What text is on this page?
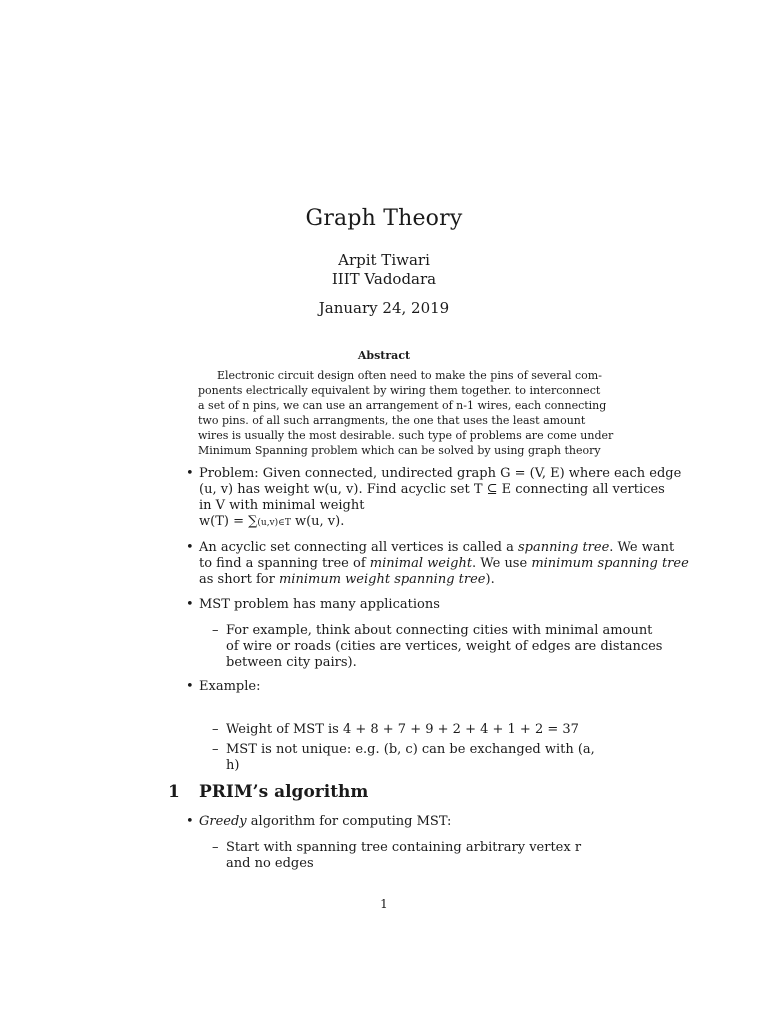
Graph Theory
Arpit Tiwari
IIIT Vadodara
January 24, 2019
Abstract
Electronic circuit design often need to make the pins of several com-
ponents electrically equivalent by wiring them together. to interconnect
a set of n pins, we can use an arrangement of n-1 wires, each connecting
two pins. of all such arrangments, the one that uses the least amount
wires is usually the most desirable. such type of problems are come under
Minimum Spanning problem which can be solved by using graph theory
• Problem: Given connected, undirected graph G = (V, E) where each edge
(u, v) has weight w(u, v). Find acyclic set T ⊆ E connecting all vertices
in V with minimal weight
w(T) = ∑(u,v)∈T w(u, v).
• An acyclic set connecting all vertices is called a spanning tree. We want
to find a spanning tree of minimal weight. We use minimum spanning tree
as short for minimum weight spanning tree).
• MST problem has many applications
– For example, think about connecting cities with minimal amount
of wire or roads (cities are vertices, weight of edges are distances
between city pairs).
• Example:
– Weight of MST is 4 + 8 + 7 + 9 + 2 + 4 + 1 + 2 = 37
– MST is not unique: e.g. (b, c) can be exchanged with (a, h)
1 PRIM’s algorithm
• Greedy algorithm for computing MST:
– Start with spanning tree containing arbitrary vertex r and no edges
1
